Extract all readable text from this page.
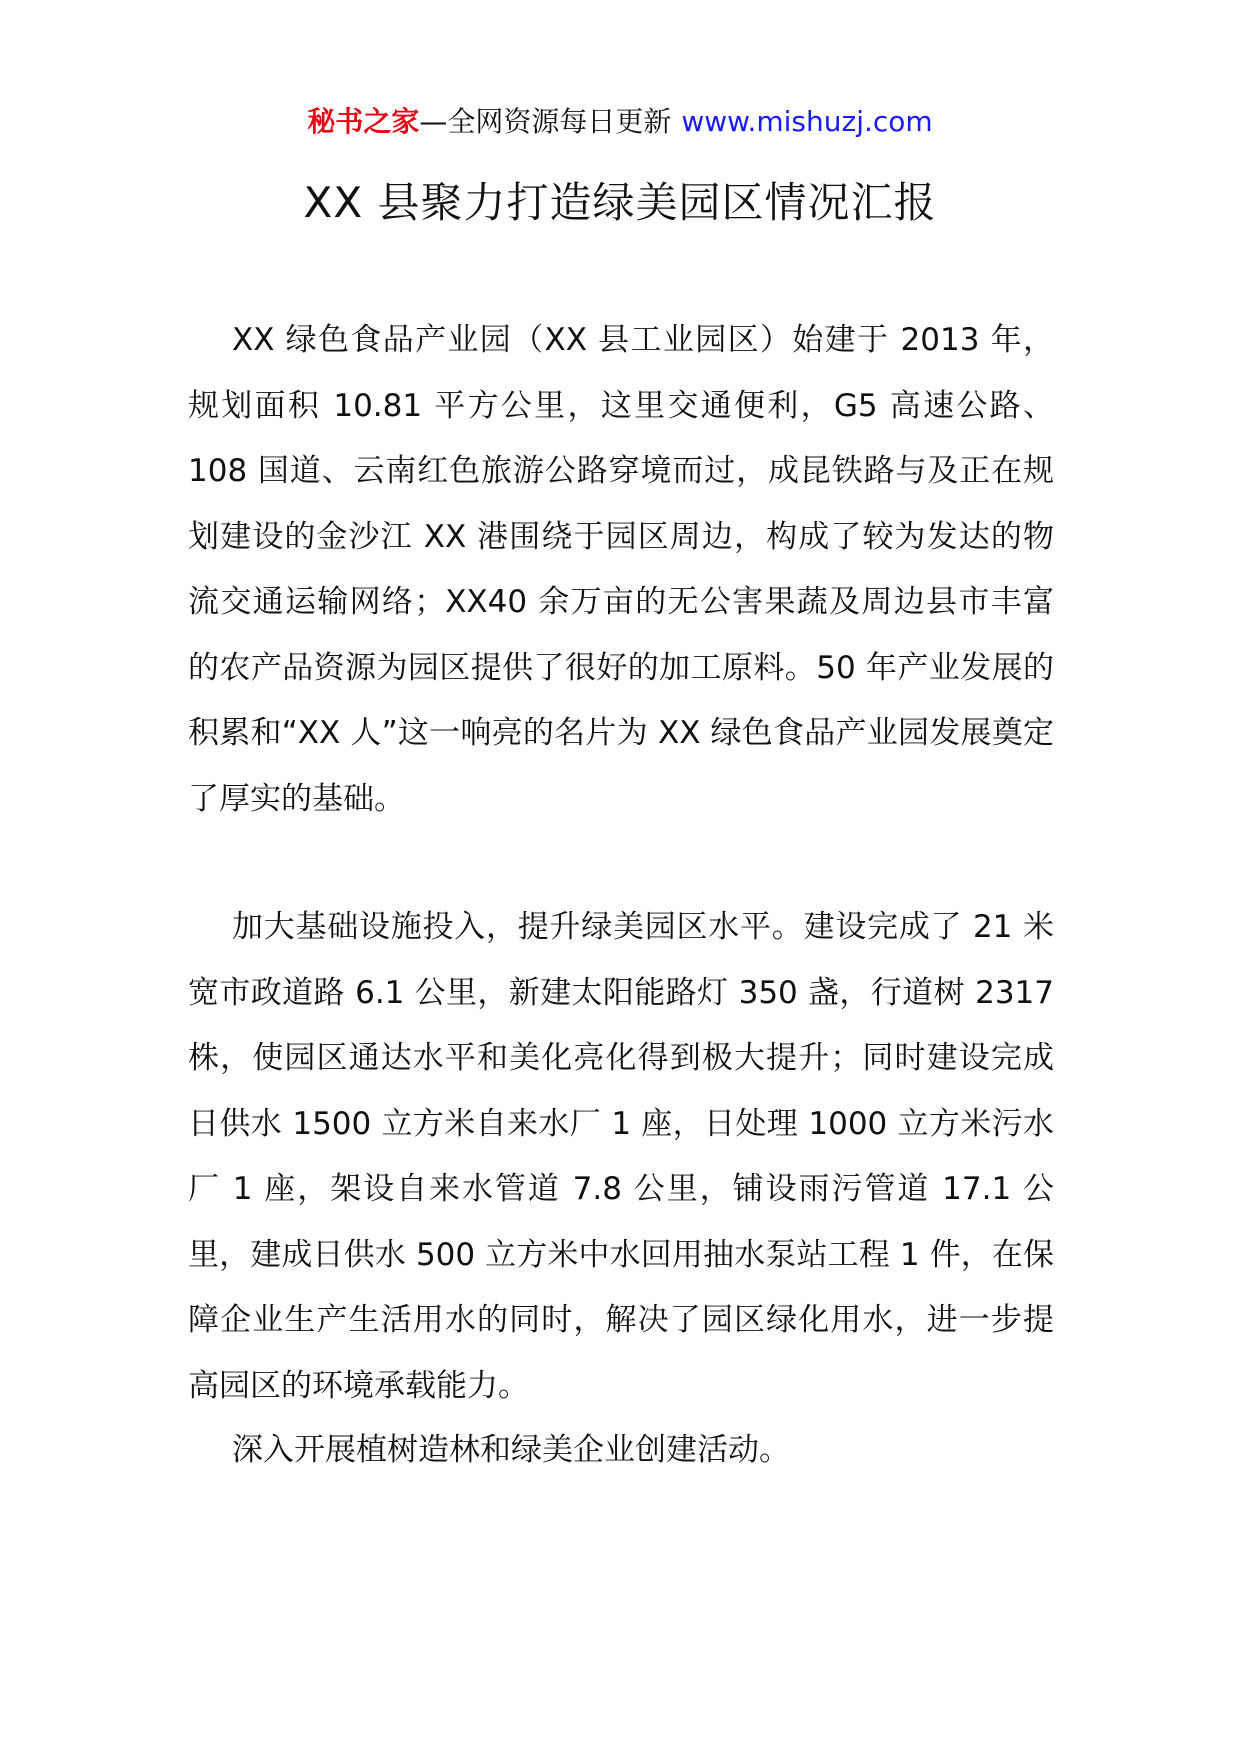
秘书之家—全网资源每日更新 www.mishuzj.com
XX 县聚力打造绿美园区情况汇报

XX 绿色食品产业园（XX 县工业园区）始建于 2013 年，规划面积 10.81 平方公里，这里交通便利，G5 高速公路、108 国道、云南红色旅游公路穿境而过，成昆铁路与及正在规划建设的金沙江 XX 港围绕于园区周边，构成了较为发达的物流交通运输网络；XX40 余万亩的无公害果蔬及周边县市丰富的农产品资源为园区提供了很好的加工原料。50 年产业发展的积累和“XX 人”这一响亮的名片为 XX 绿色食品产业园发展奠定了厚实的基础。

加大基础设施投入，提升绿美园区水平。建设完成了 21 米宽市政道路 6.1 公里，新建太阳能路灯 350 盏，行道树 2317 株，使园区通达水平和美化亮化得到极大提升；同时建设完成日供水 1500 立方米自来水厂 1 座，日处理 1000 立方米污水厂 1 座，架设自来水管道 7.8 公里，铺设雨污管道 17.1 公里，建成日供水 500 立方米中水回用抽水泵站工程 1 件，在保障企业生产生活用水的同时，解决了园区绿化用水，进一步提高园区的环境承载能力。

深入开展植树造林和绿美企业创建活动。
